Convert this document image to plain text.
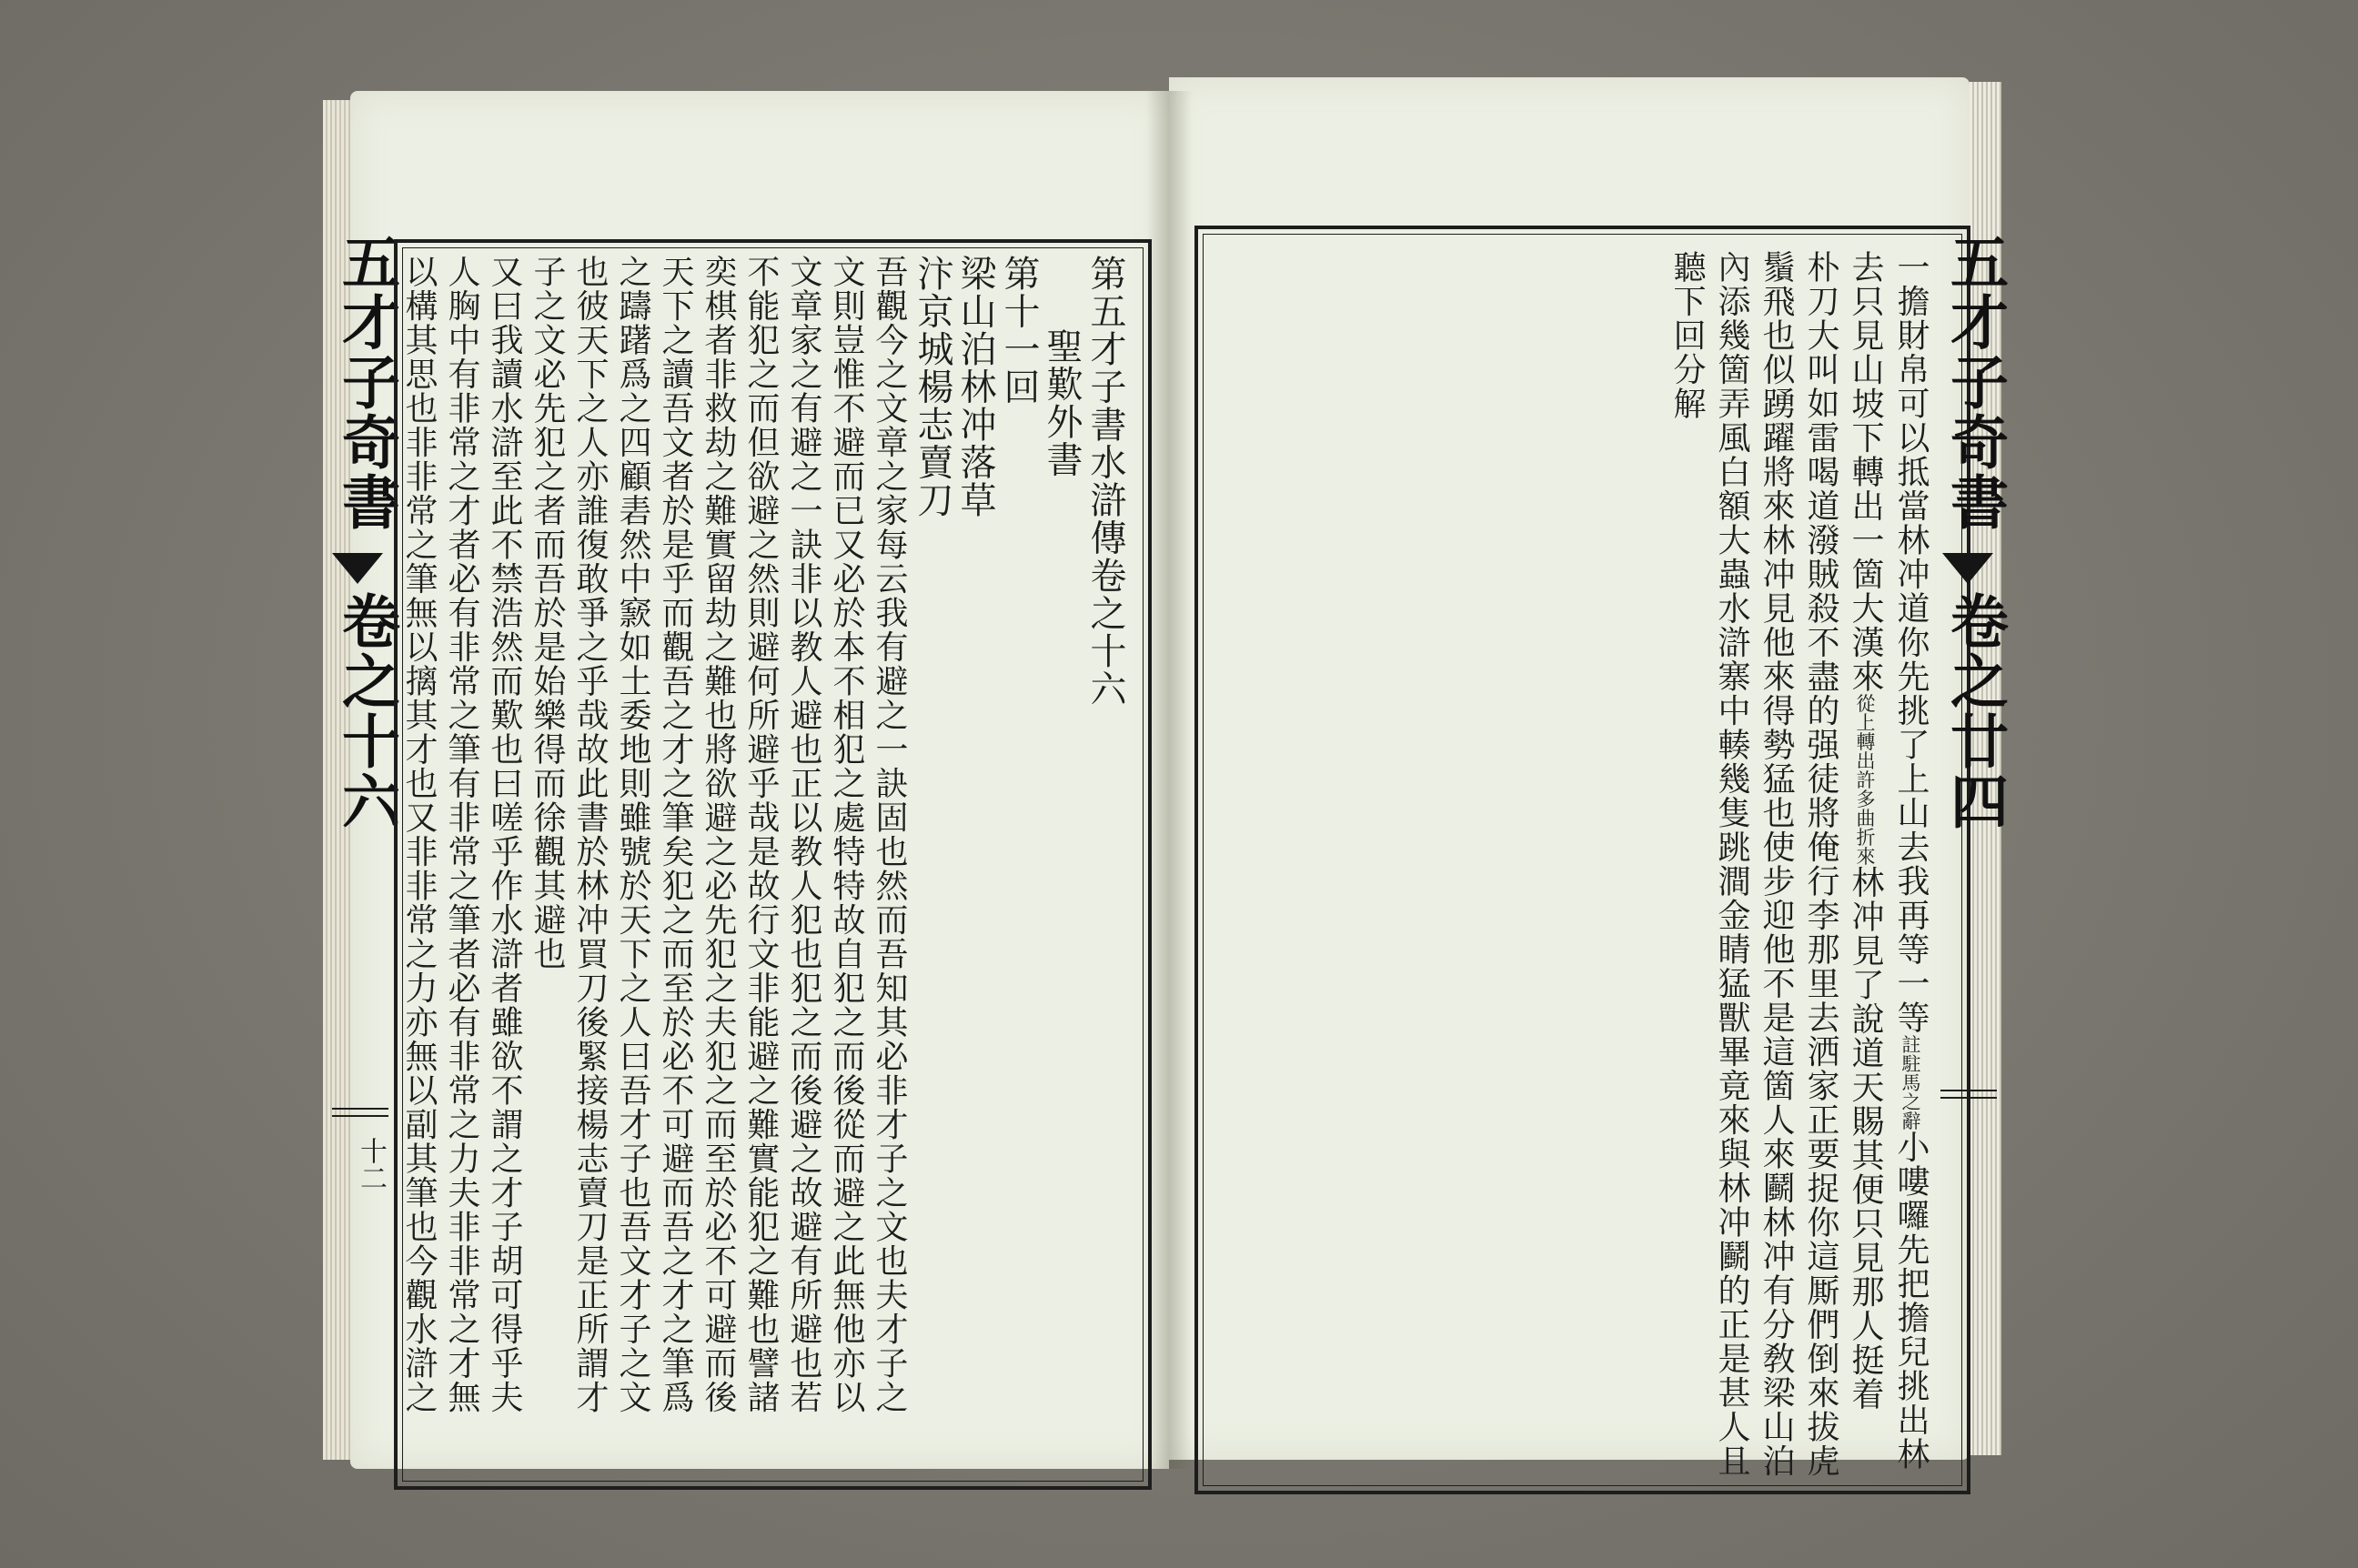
五才子奇書
卷之十六
十二
第五才子書水滸傳卷之十六
聖歎外書
第十一回
梁山泊林冲落草
汴京城楊志賣刀
吾觀今之文章之家每云我有避之一訣固也然而吾知其必非才子之文也夫才子之
文則豈惟不避而已又必於本不相犯之處特特故自犯之而後從而避之此無他亦以
文章家之有避之一訣非以教人避也正以教人犯也犯之而後避之故避有所避也若
不能犯之而但欲避之然則避何所避乎哉是故行文非能避之難實能犯之難也譬諸
奕棋者非救劫之難實留劫之難也將欲避之必先犯之夫犯之而至於必不可避而後
天下之讀吾文者於是乎而觀吾之才之筆矣犯之而至於必不可避而吾之才之筆爲
之躊躇爲之四顧砉然中窾如土委地則雖號於天下之人曰吾才子也吾文才子之文
也彼天下之人亦誰復敢爭之乎哉故此書於林冲買刀後緊接楊志賣刀是正所謂才
子之文必先犯之者而吾於是始樂得而徐觀其避也
又曰我讀水滸至此不禁浩然而歎也曰嗟乎作水滸者雖欲不謂之才子胡可得乎夫
人胸中有非常之才者必有非常之筆有非常之筆者必有非常之力夫非非常之才無
以構其思也非非常之筆無以摛其才也又非非常之力亦無以副其筆也今觀水滸之	一擔財帛可以抵當林冲道你先挑了上山去我再等一等註駐馬之辭小嘍囉先把擔兒挑出林
去只見山坡下轉出一箇大漢來從上轉出許多曲折來林冲見了說道天賜其便只見那人挺着
朴刀大叫如雷喝道潑賊殺不盡的强徒將俺行李那里去洒家正要捉你這厮們倒來拔虎
鬚飛也似踴躍將來林冲見他來得勢猛也使步迎他不是這箇人來鬬林冲有分敎梁山泊
內添幾箇弄風白額大蟲水滸寨中輳幾隻跳澗金睛猛獸畢竟來與林冲鬬的正是甚人且
聽下回分解	五才子奇書
卷之廿四
